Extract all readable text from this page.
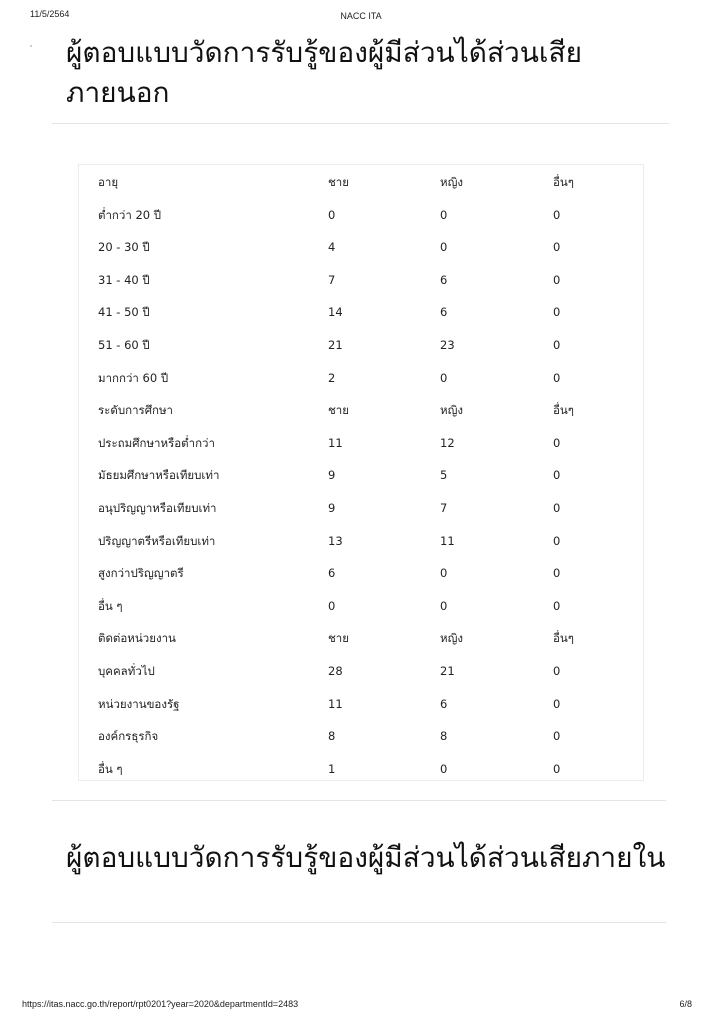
11/5/2564	NACC ITA
ผู้ตอบแบบวัดการรับรู้ของผู้มีส่วนได้ส่วนเสียภายนอก
อายุ	ชาย	หญิง	อื่นๆ
ต่ำกว่า 20 ปี	0	0	0
20 - 30 ปี	4	0	0
31 - 40 ปี	7	6	0
41 - 50 ปี	14	6	0
51 - 60 ปี	21	23	0
มากกว่า 60 ปี	2	0	0
ระดับการศึกษา	ชาย	หญิง	อื่นๆ
ประถมศึกษาหรือต่ำกว่า	11	12	0
มัธยมศึกษาหรือเทียบเท่า	9	5	0
อนุปริญญาหรือเทียบเท่า	9	7	0
ปริญญาตรีหรือเทียบเท่า	13	11	0
สูงกว่าปริญญาตรี	6	0	0
อื่น ๆ	0	0	0
ติดต่อหน่วยงาน	ชาย	หญิง	อื่นๆ
บุคคลทั่วไป	28	21	0
หน่วยงานของรัฐ	11	6	0
องค์กรธุรกิจ	8	8	0
อื่น ๆ	1	0	0
ผู้ตอบแบบวัดการรับรู้ของผู้มีส่วนได้ส่วนเสียภายใน
https://itas.nacc.go.th/report/rpt0201?year=2020&departmentId=2483	6/8
